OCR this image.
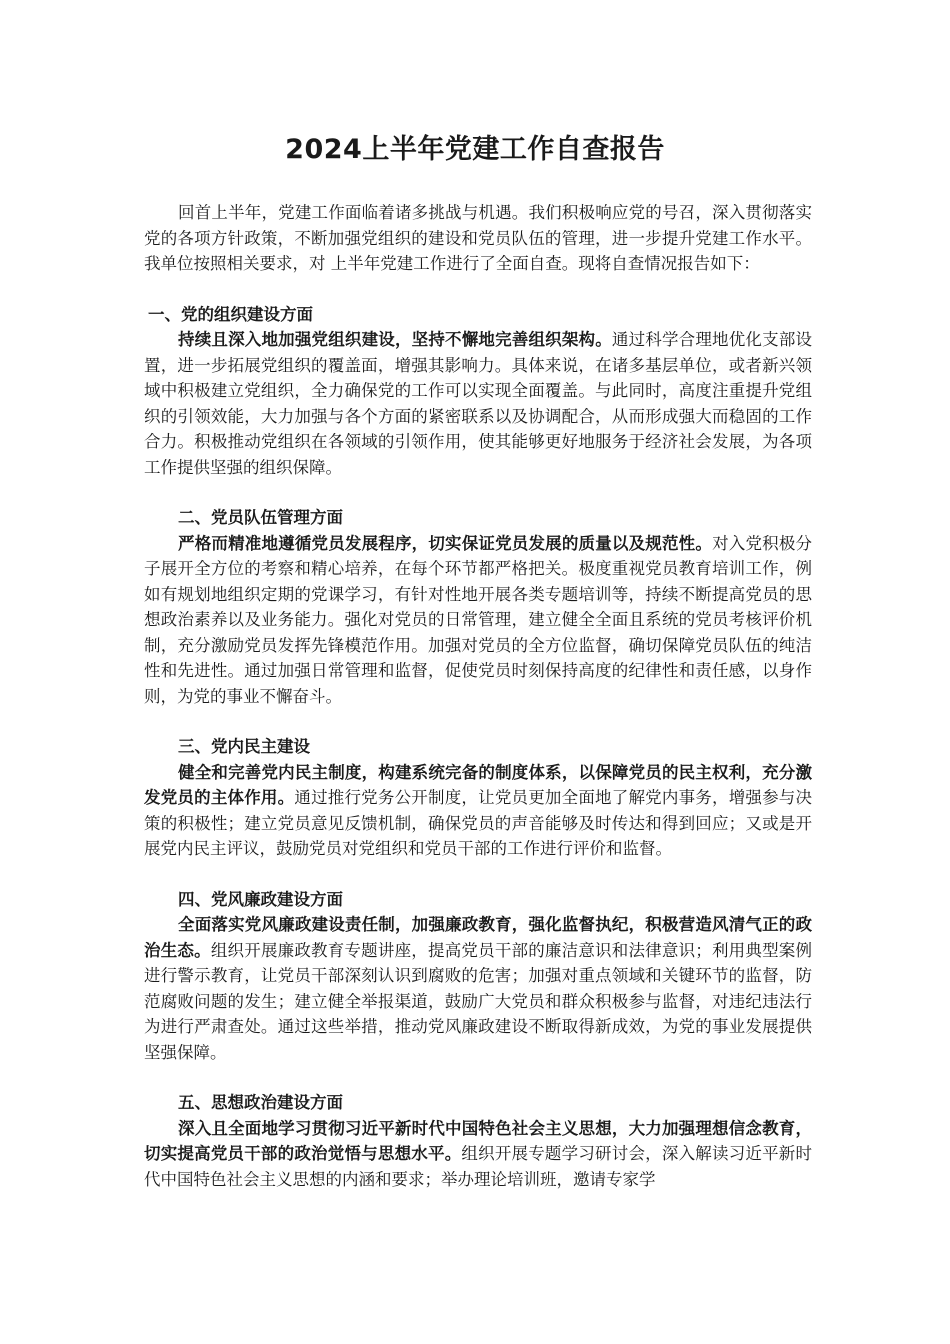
2024上半年党建工作自查报告

回首上半年，党建工作面临着诸多挑战与机遇。我们积极响应党的号召，深入贯彻落实党的各项方针政策，不断加强党组织的建设和党员队伍的管理，进一步提升党建工作水平。我单位按照相关要求，对 上半年党建工作进行了全面自查。现将自查情况报告如下：

一、党的组织建设方面

持续且深入地加强党组织建设，坚持不懈地完善组织架构。通过科学合理地优化支部设置，进一步拓展党组织的覆盖面，增强其影响力。具体来说，在诸多基层单位，或者新兴领域中积极建立党组织，全力确保党的工作可以实现全面覆盖。与此同时，高度注重提升党组织的引领效能，大力加强与各个方面的紧密联系以及协调配合，从而形成强大而稳固的工作合力。积极推动党组织在各领域的引领作用，使其能够更好地服务于经济社会发展，为各项工作提供坚强的组织保障。

二、党员队伍管理方面

严格而精准地遵循党员发展程序，切实保证党员发展的质量以及规范性。对入党积极分子展开全方位的考察和精心培养，在每个环节都严格把关。极度重视党员教育培训工作，例如有规划地组织定期的党课学习，有针对性地开展各类专题培训等，持续不断提高党员的思想政治素养以及业务能力。强化对党员的日常管理，建立健全全面且系统的党员考核评价机制，充分激励党员发挥先锋模范作用。加强对党员的全方位监督，确切保障党员队伍的纯洁性和先进性。通过加强日常管理和监督，促使党员时刻保持高度的纪律性和责任感，以身作则，为党的事业不懈奋斗。

三、党内民主建设

健全和完善党内民主制度，构建系统完备的制度体系，以保障党员的民主权利，充分激发党员的主体作用。通过推行党务公开制度，让党员更加全面地了解党内事务，增强参与决策的积极性；建立党员意见反馈机制，确保党员的声音能够及时传达和得到回应；又或是开展党内民主评议，鼓励党员对党组织和党员干部的工作进行评价和监督。

四、党风廉政建设方面

全面落实党风廉政建设责任制，加强廉政教育，强化监督执纪，积极营造风清气正的政治生态。组织开展廉政教育专题讲座，提高党员干部的廉洁意识和法律意识；利用典型案例进行警示教育，让党员干部深刻认识到腐败的危害；加强对重点领域和关键环节的监督，防范腐败问题的发生；建立健全举报渠道，鼓励广大党员和群众积极参与监督，对违纪违法行为进行严肃查处。通过这些举措，推动党风廉政建设不断取得新成效，为党的事业发展提供坚强保障。

五、思想政治建设方面

深入且全面地学习贯彻习近平新时代中国特色社会主义思想，大力加强理想信念教育，切实提高党员干部的政治觉悟与思想水平。组织开展专题学习研讨会，深入解读习近平新时代中国特色社会主义思想的内涵和要求；举办理论培训班，邀请专家学
